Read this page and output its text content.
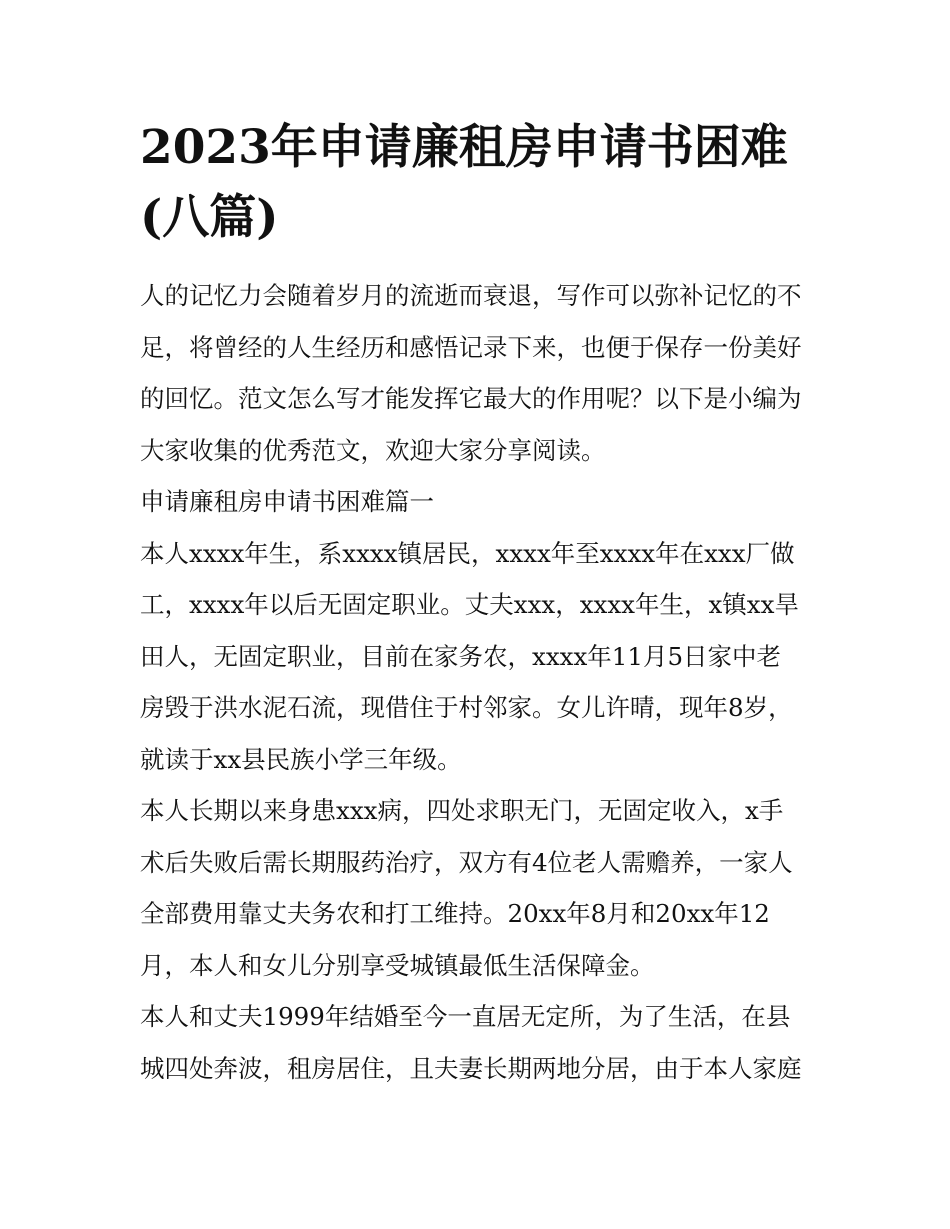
2023年申请廉租房申请书困难
(八篇)
人的记忆力会随着岁月的流逝而衰退，写作可以弥补记忆的不
足，将曾经的人生经历和感悟记录下来，也便于保存一份美好
的回忆。范文怎么写才能发挥它最大的作用呢？以下是小编为
大家收集的优秀范文，欢迎大家分享阅读。
申请廉租房申请书困难篇一
本人xxxx年生，系xxxx镇居民，xxxx年至xxxx年在xxx厂做
工，xxxx年以后无固定职业。丈夫xxx，xxxx年生，x镇xx旱
田人，无固定职业，目前在家务农，xxxx年11月5日家中老
房毁于洪水泥石流，现借住于村邻家。女儿许晴，现年8岁，
就读于xx县民族小学三年级。
本人长期以来身患xxx病，四处求职无门，无固定收入，x手
术后失败后需长期服药治疗，双方有4位老人需赡养，一家人
全部费用靠丈夫务农和打工维持。20xx年8月和20xx年12
月，本人和女儿分别享受城镇最低生活保障金。
本人和丈夫1999年结婚至今一直居无定所，为了生活，在县
城四处奔波，租房居住，且夫妻长期两地分居，由于本人家庭
